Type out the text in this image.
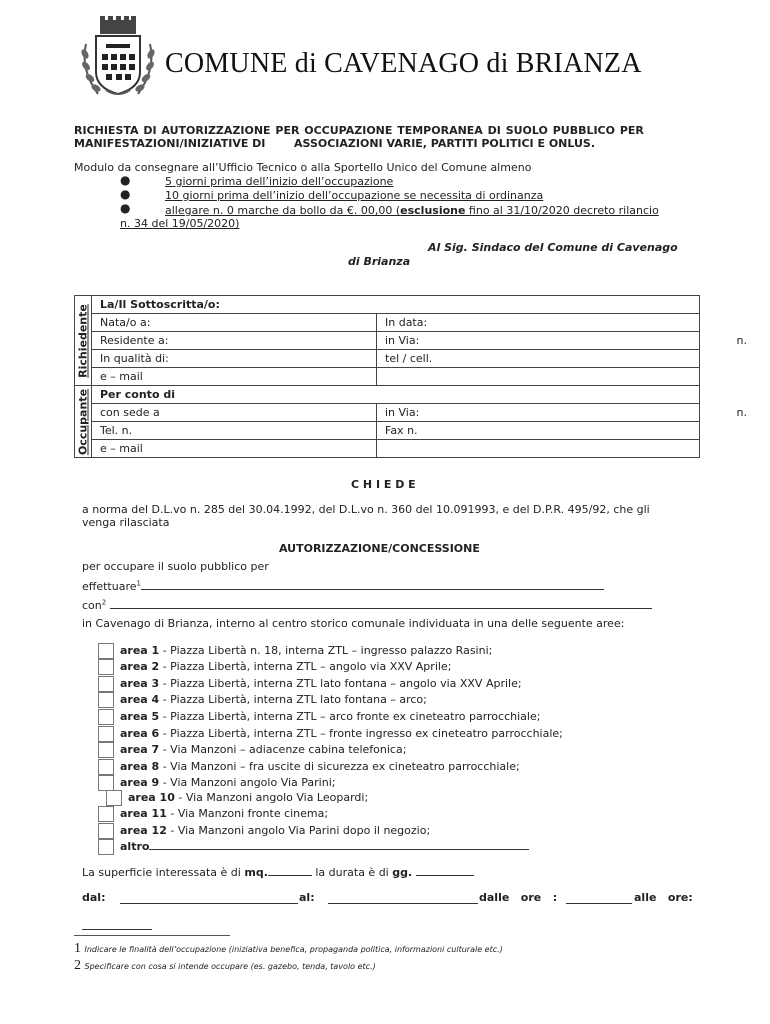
COMUNE di CAVENAGO di BRIANZA
RICHIESTA DI AUTORIZZAZIONE PER OCCUPAZIONE TEMPORANEA DI SUOLO PUBBLICO PER
MANIFESTAZIONI/INIZIATIVE DI	ASSOCIAZIONI VARIE, PARTITI POLITICI E ONLUS.
Modulo da consegnare all’Ufficio Tecnico o alla Sportello Unico del Comune almeno
●	5 giorni prima dell’inizio dell’occupazione
●	10 giorni prima dell’inizio dell’occupazione se necessita di ordinanza
●	allegare n. 0 marche da bollo da €. 00,00 (esclusione fino al 31/10/2020 decreto rilancio
n. 34 del 19/05/2020)
Al Sig. Sindaco del Comune di Cavenago
di Brianza
Richiedente	La/Il Sottoscritta/o:	
	Nata/o a:	In data:
	Residente a:	in Via: n.

	In qualità di:	tel / cell.
	e – mail	

Occupante	Per conto di	
	con sede a	in Via: n.

	Tel. n.	Fax n.
	e – mail	
C H I E D E
a norma del D.L.vo n. 285 del 30.04.1992, del D.L.vo n. 360 del 10.091993, e del D.P.R. 495/92, che gli
venga rilasciata
AUTORIZZAZIONE/CONCESSIONE
per occupare il suolo pubblico per
effettuare$^1$
con$^2$
in Cavenago di Brianza, interno al centro storico comunale individuata in una delle seguente aree:
area 1 - Piazza Libertà n. 18, interna ZTL – ingresso palazzo Rasini;
area 2 - Piazza Libertà, interna ZTL – angolo via XXV Aprile;
area 3 - Piazza Libertà, interna ZTL lato fontana – angolo via XXV Aprile;
area 4 - Piazza Libertà, interna ZTL lato fontana – arco;
area 5 - Piazza Libertà, interna ZTL – arco fronte ex cineteatro parrocchiale;
area 6 - Piazza Libertà, interna ZTL – fronte ingresso ex cineteatro parrocchiale;
area 7 - Via Manzoni – adiacenze cabina telefonica;
area 8 - Via Manzoni – fra uscite di sicurezza ex cineteatro parrocchiale;
area 9 - Via Manzoni angolo Via Parini;
area 10 - Via Manzoni angolo Via Leopardi;
area 11 - Via Manzoni fronte cinema;
area 12 - Via Manzoni angolo Via Parini dopo il negozio;
altro
La superficie interessata è di mq.	la durata è di gg.
dal:	al:	dalle   ore   :	alle   ore:
1 Indicare le finalità dell’occupazione (iniziativa benefica, propaganda politica, informazioni culturale etc.)
2 Specificare con cosa si intende occupare (es. gazebo, tenda, tavolo etc.)
